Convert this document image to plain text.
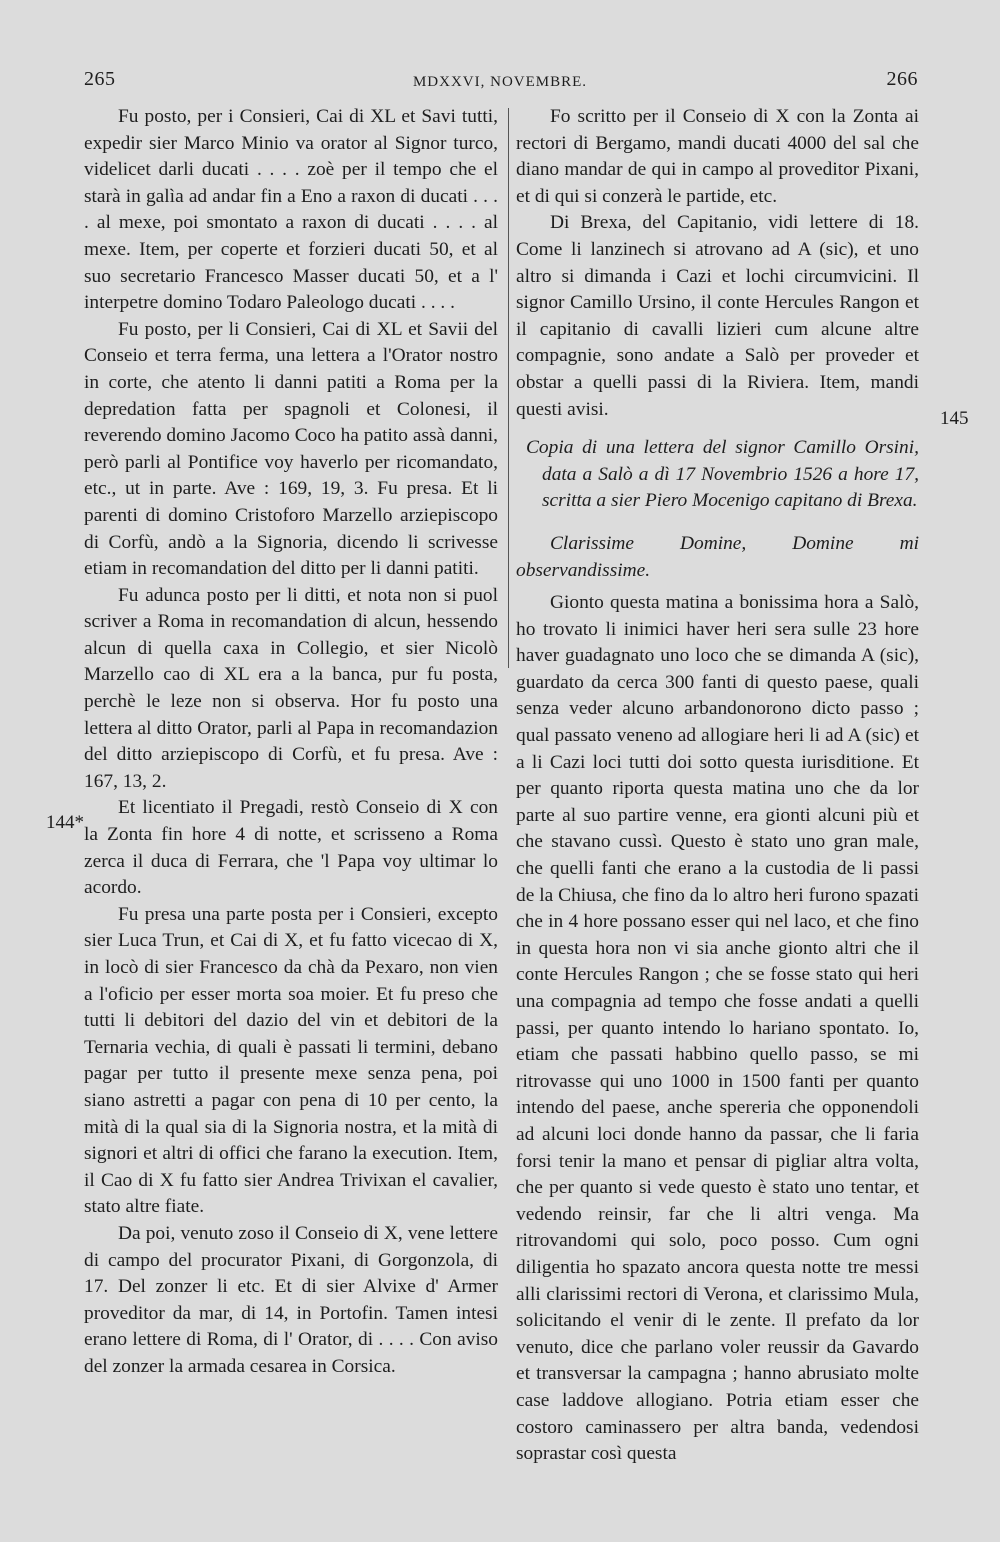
265	MDXXVI, NOVEMBRE.	266
144*
145

Fu posto, per i Consieri, Cai di XL et Savi tutti, expedir sier Marco Minio va orator al Signor turco, videlicet darli ducati . . . . zoè per il tempo che el starà in galìa ad andar fin a Eno a raxon di ducati . . . . al mexe, poi smontato a raxon di ducati . . . . al mexe. Item, per coperte et forzieri ducati 50, et al suo secretario Francesco Masser ducati 50, et a l' interpetre domino Todaro Paleologo ducati . . . .

Fu posto, per li Consieri, Cai di XL et Savii del Conseio et terra ferma, una lettera a l'Orator nostro in corte, che atento li danni patiti a Roma per la depredation fatta per spagnoli et Colonesi, il reverendo domino Jacomo Coco ha patito assà danni, però parli al Pontifice voy haverlo per ricomandato, etc., ut in parte. Ave : 169, 19, 3. Fu presa. Et li parenti di domino Cristoforo Marzello arziepiscopo di Corfù, andò a la Signoria, dicendo li scrivesse etiam in recomandation del ditto per li danni patiti.

Fu adunca posto per li ditti, et nota non si puol scriver a Roma in recomandation di alcun, hessendo alcun di quella caxa in Collegio, et sier Nicolò Marzello cao di XL era a la banca, pur fu posta, perchè le leze non si observa. Hor fu posto una lettera al ditto Orator, parli al Papa in recomandazion del ditto arziepiscopo di Corfù, et fu presa. Ave : 167, 13, 2.

Et licentiato il Pregadi, restò Conseio di X con la Zonta fin hore 4 di notte, et scrisseno a Roma zerca il duca di Ferrara, che 'l Papa voy ultimar lo acordo.

Fu presa una parte posta per i Consieri, excepto sier Luca Trun, et Cai di X, et fu fatto vicecao di X, in locò di sier Francesco da chà da Pexaro, non vien a l'oficio per esser morta soa moier. Et fu preso che tutti li debitori del dazio del vin et debitori de la Ternaria vechia, di quali è passati li termini, debano pagar per tutto il presente mexe senza pena, poi siano astretti a pagar con pena di 10 per cento, la mità di la qual sia di la Signoria nostra, et la mità di signori et altri di offici che farano la execution. Item, il Cao di X fu fatto sier Andrea Trivixan el cavalier, stato altre fiate.

Da poi, venuto zoso il Conseio di X, vene lettere di campo del procurator Pixani, di Gorgonzola, di 17. Del zonzer li etc. Et di sier Alvixe d' Armer proveditor da mar, di 14, in Portofin. Tamen intesi erano lettere di Roma, di l' Orator, di . . . . Con aviso del zonzer la armada cesarea in Corsica.

Fo scritto per il Conseio di X con la Zonta ai rectori di Bergamo, mandi ducati 4000 del sal che diano mandar de qui in campo al proveditor Pixani, et di qui si conzerà le partide, etc.

Di Brexa, del Capitanio, vidi lettere di 18. Come li lanzinech si atrovano ad A (sic), et uno altro si dimanda i Cazi et lochi circumvicini. Il signor Camillo Ursino, il conte Hercules Rangon et il capitanio di cavalli lizieri cum alcune altre compagnie, sono andate a Salò per proveder et obstar a quelli passi di la Riviera. Item, mandi questi avisi.

Copia di una lettera del signor Camillo Orsini, data a Salò a dì 17 Novembrio 1526 a hore 17, scritta a sier Piero Mocenigo capitano di Brexa.

Clarissime Domine, Domine mi observandissime.

Gionto questa matina a bonissima hora a Salò, ho trovato li inimici haver heri sera sulle 23 hore haver guadagnato uno loco che se dimanda A (sic), guardato da cerca 300 fanti di questo paese, quali senza veder alcuno arbandonorono dicto passo ; qual passato veneno ad allogiare heri li ad A (sic) et a li Cazi loci tutti doi sotto questa iurisditione. Et per quanto riporta questa matina uno che da lor parte al suo partire venne, era gionti alcuni più et che stavano cussì. Questo è stato uno gran male, che quelli fanti che erano a la custodia de li passi de la Chiusa, che fino da lo altro heri furono spazati che in 4 hore possano esser qui nel laco, et che fino in questa hora non vi sia anche gionto altri che il conte Hercules Rangon ; che se fosse stato qui heri una compagnia ad tempo che fosse andati a quelli passi, per quanto intendo lo hariano spontato. Io, etiam che passati habbino quello passo, se mi ritrovasse qui uno 1000 in 1500 fanti per quanto intendo del paese, anche spereria che opponendoli ad alcuni loci donde hanno da passar, che li faria forsi tenir la mano et pensar di pigliar altra volta, che per quanto si vede questo è stato uno tentar, et vedendo reinsir, far che li altri venga. Ma ritrovandomi qui solo, poco posso. Cum ogni diligentia ho spazato ancora questa notte tre messi alli clarissimi rectori di Verona, et clarissimo Mula, solicitando el venir di le zente. Il prefato da lor venuto, dice che parlano voler reussir da Gavardo et transversar la campagna ; hanno abrusiato molte case laddove allogiano. Potria etiam esser che costoro caminassero per altra banda, vedendosi soprastar così questa
